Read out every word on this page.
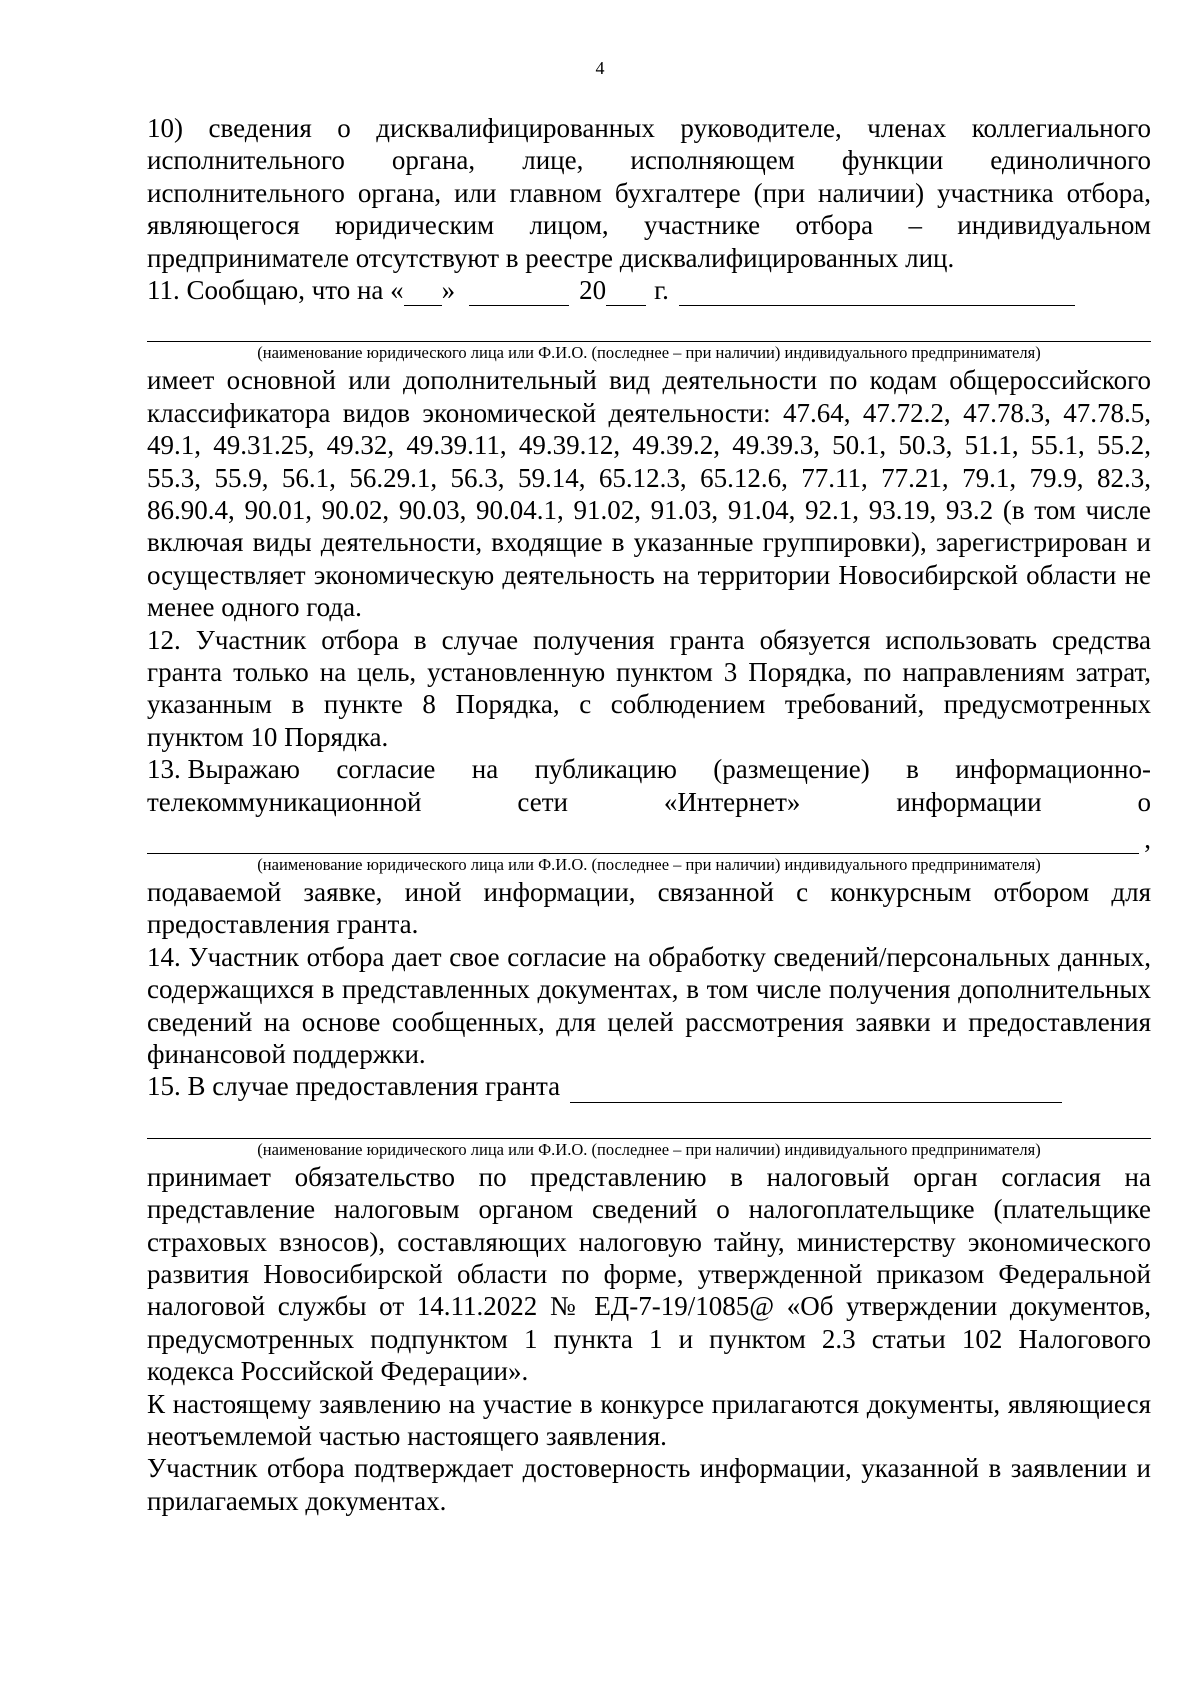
4
10) сведения о дисквалифицированных руководителе, членах коллегиального
исполнительного органа, лице, исполняющем функции единоличного
исполнительного органа, или главном бухгалтере (при наличии) участника отбора,
являющегося юридическим лицом, участнике отбора – индивидуальном
предпринимателе отсутствуют в реестре дисквалифицированных лиц.
11. Сообщаю, что на « »	20 г.
(наименование юридического лица или Ф.И.О. (последнее – при наличии) индивидуального предпринимателя)

имеет основной или дополнительный вид деятельности по кодам общероссийского классификатора видов экономической деятельности: 47.64, 47.72.2, 47.78.3, 47.78.5, 49.1, 49.31.25, 49.32, 49.39.11, 49.39.12, 49.39.2, 49.39.3, 50.1, 50.3, 51.1, 55.1, 55.2, 55.3, 55.9, 56.1, 56.29.1, 56.3, 59.14, 65.12.3, 65.12.6, 77.11, 77.21, 79.1, 79.9, 82.3, 86.90.4, 90.01, 90.02, 90.03, 90.04.1, 91.02, 91.03, 91.04, 92.1, 93.19, 93.2 (в том числе включая виды деятельности, входящие в указанные группировки), зарегистрирован и осуществляет экономическую деятельность на территории Новосибирской области не менее одного года.

12. Участник отбора в случае получения гранта обязуется использовать средства гранта только на цель, установленную пунктом 3 Порядка, по направлениям затрат, указанным в пункте 8 Порядка, с соблюдением требований, предусмотренных пунктом 10 Порядка.

13. Выражаю согласие на публикацию (размещение) в информационно-
телекоммуникационной	сети	«Интернет»	информации	о
,
(наименование юридического лица или Ф.И.О. (последнее – при наличии) индивидуального предпринимателя)

подаваемой заявке, иной информации, связанной с конкурсным отбором для предоставления гранта.

14. Участник отбора дает свое согласие на обработку сведений/персональных данных, содержащихся в представленных документах, в том числе получения дополнительных сведений на основе сообщенных, для целей рассмотрения заявки и предоставления финансовой поддержки.

15. В случае предоставления гранта
(наименование юридического лица или Ф.И.О. (последнее – при наличии) индивидуального предпринимателя)

принимает обязательство по представлению в налоговый орган согласия на представление налоговым органом сведений о налогоплательщике (плательщике страховых взносов), составляющих налоговую тайну, министерству экономического развития Новосибирской области по форме, утвержденной приказом Федеральной налоговой службы от 14.11.2022 № ЕД-7-19/1085@ «Об утверждении документов, предусмотренных подпунктом 1 пункта 1 и пунктом 2.3 статьи 102 Налогового кодекса Российской Федерации».

К настоящему заявлению на участие в конкурсе прилагаются документы, являющиеся неотъемлемой частью настоящего заявления.

Участник отбора подтверждает достоверность информации, указанной в заявлении и прилагаемых документах.
